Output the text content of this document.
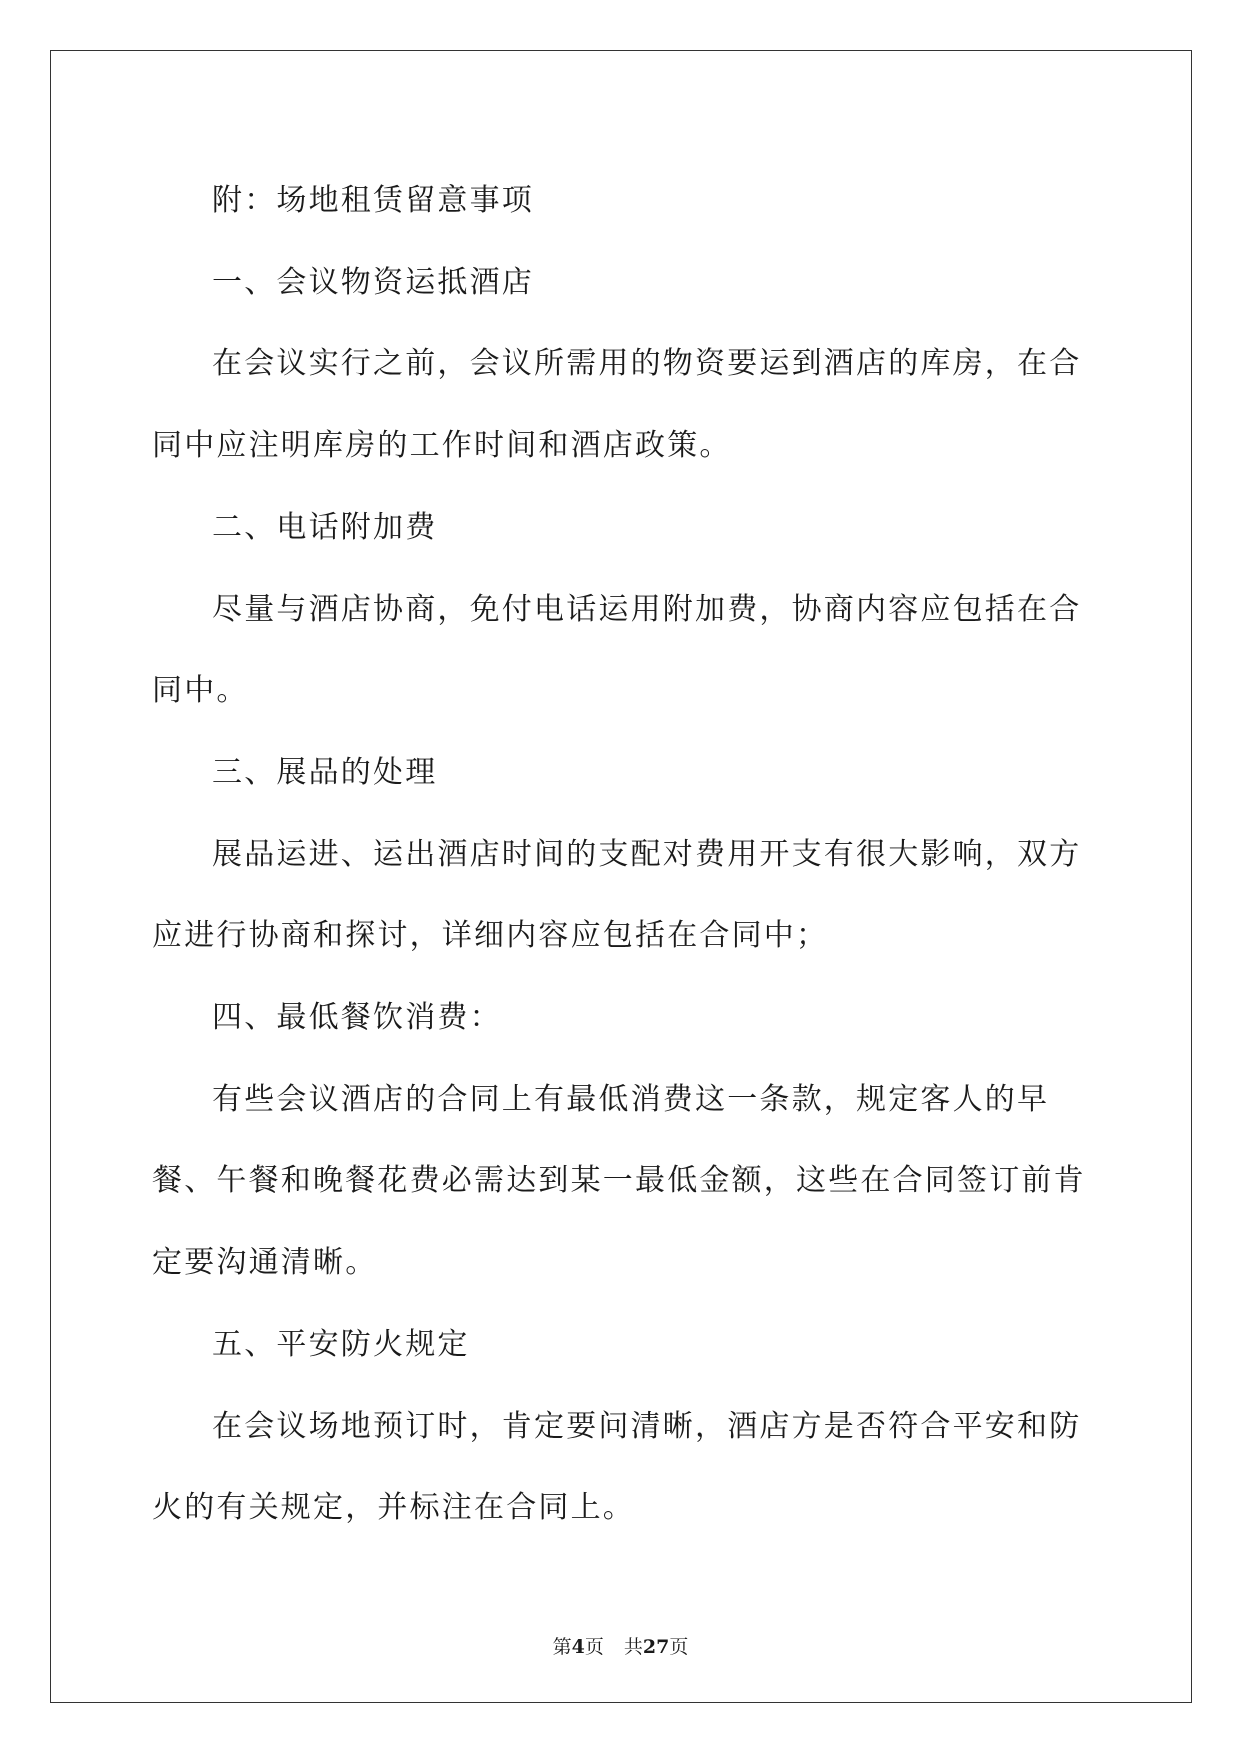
附：场地租赁留意事项

一、会议物资运抵酒店

在会议实行之前，会议所需用的物资要运到酒店的库房，在合同中应注明库房的工作时间和酒店政策。

二、电话附加费

尽量与酒店协商，免付电话运用附加费，协商内容应包括在合同中。

三、展品的处理

展品运进、运出酒店时间的支配对费用开支有很大影响，双方应进行协商和探讨，详细内容应包括在合同中；

四、最低餐饮消费：

有些会议酒店的合同上有最低消费这一条款，规定客人的早餐、午餐和晚餐花费必需达到某一最低金额，这些在合同签订前肯定要沟通清晰。

五、平安防火规定

在会议场地预订时，肯定要问清晰，酒店方是否符合平安和防火的有关规定，并标注在合同上。

第4页 共27页
